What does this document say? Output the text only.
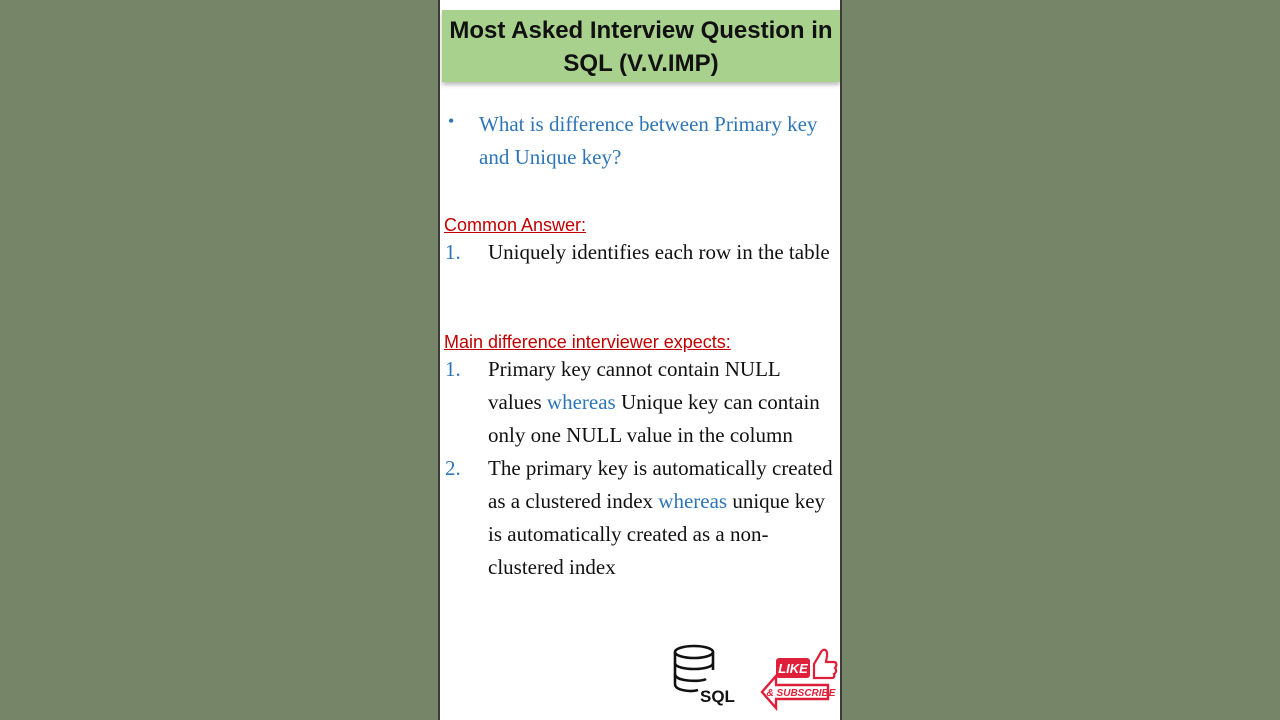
Most Asked Interview Question in
SQL (V.V.IMP)
• What is difference between Primary key and Unique key?
Common Answer:
1. Uniquely identifies each row in the table
Main difference interviewer expects:
1. Primary key cannot contain NULL values whereas Unique key can contain only one NULL value in the column
2. The primary key is automatically created as a clustered index whereas unique key is automatically created as a non-clustered index
SQL
LIKE
& SUBSCRIBE
